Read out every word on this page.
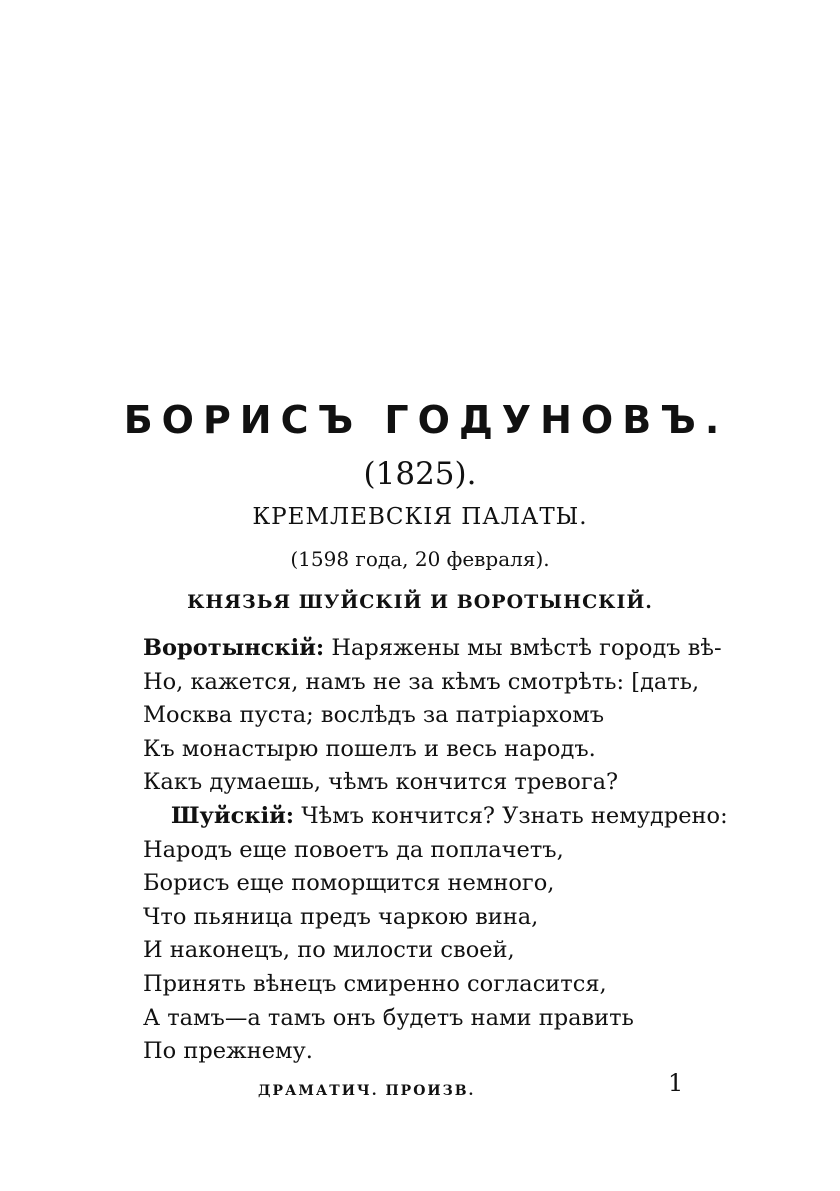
БОРИСЪ ГОДУНОВЪ.
(1825).
КРЕМЛЕВСКІЯ ПАЛАТЫ.
(1598 года, 20 февраля).
КНЯЗЬЯ ШУЙСКІЙ И ВОРОТЫНСКІЙ.
Воротынскій: Наряжены мы вмѣстѣ городъ вѣ-
Но, кажется, намъ не за кѣмъ смотрѣть: [дать,
Москва пуста; вослѣдъ за патріархомъ
Къ монастырю пошелъ и весь народъ.
Какъ думаешь, чѣмъ кончится тревога?
Шуйскій: Чѣмъ кончится? Узнать немудрено:
Народъ еще повоетъ да поплачетъ,
Борисъ еще поморщится немного,
Что пьяница предъ чаркою вина,
И наконецъ, по милости своей,
Принять вѣнецъ смиренно согласится,
А тамъ—а тамъ онъ будетъ нами править
По прежнему.
ДРАМАТИЧ. ПРОИЗВ.	1
